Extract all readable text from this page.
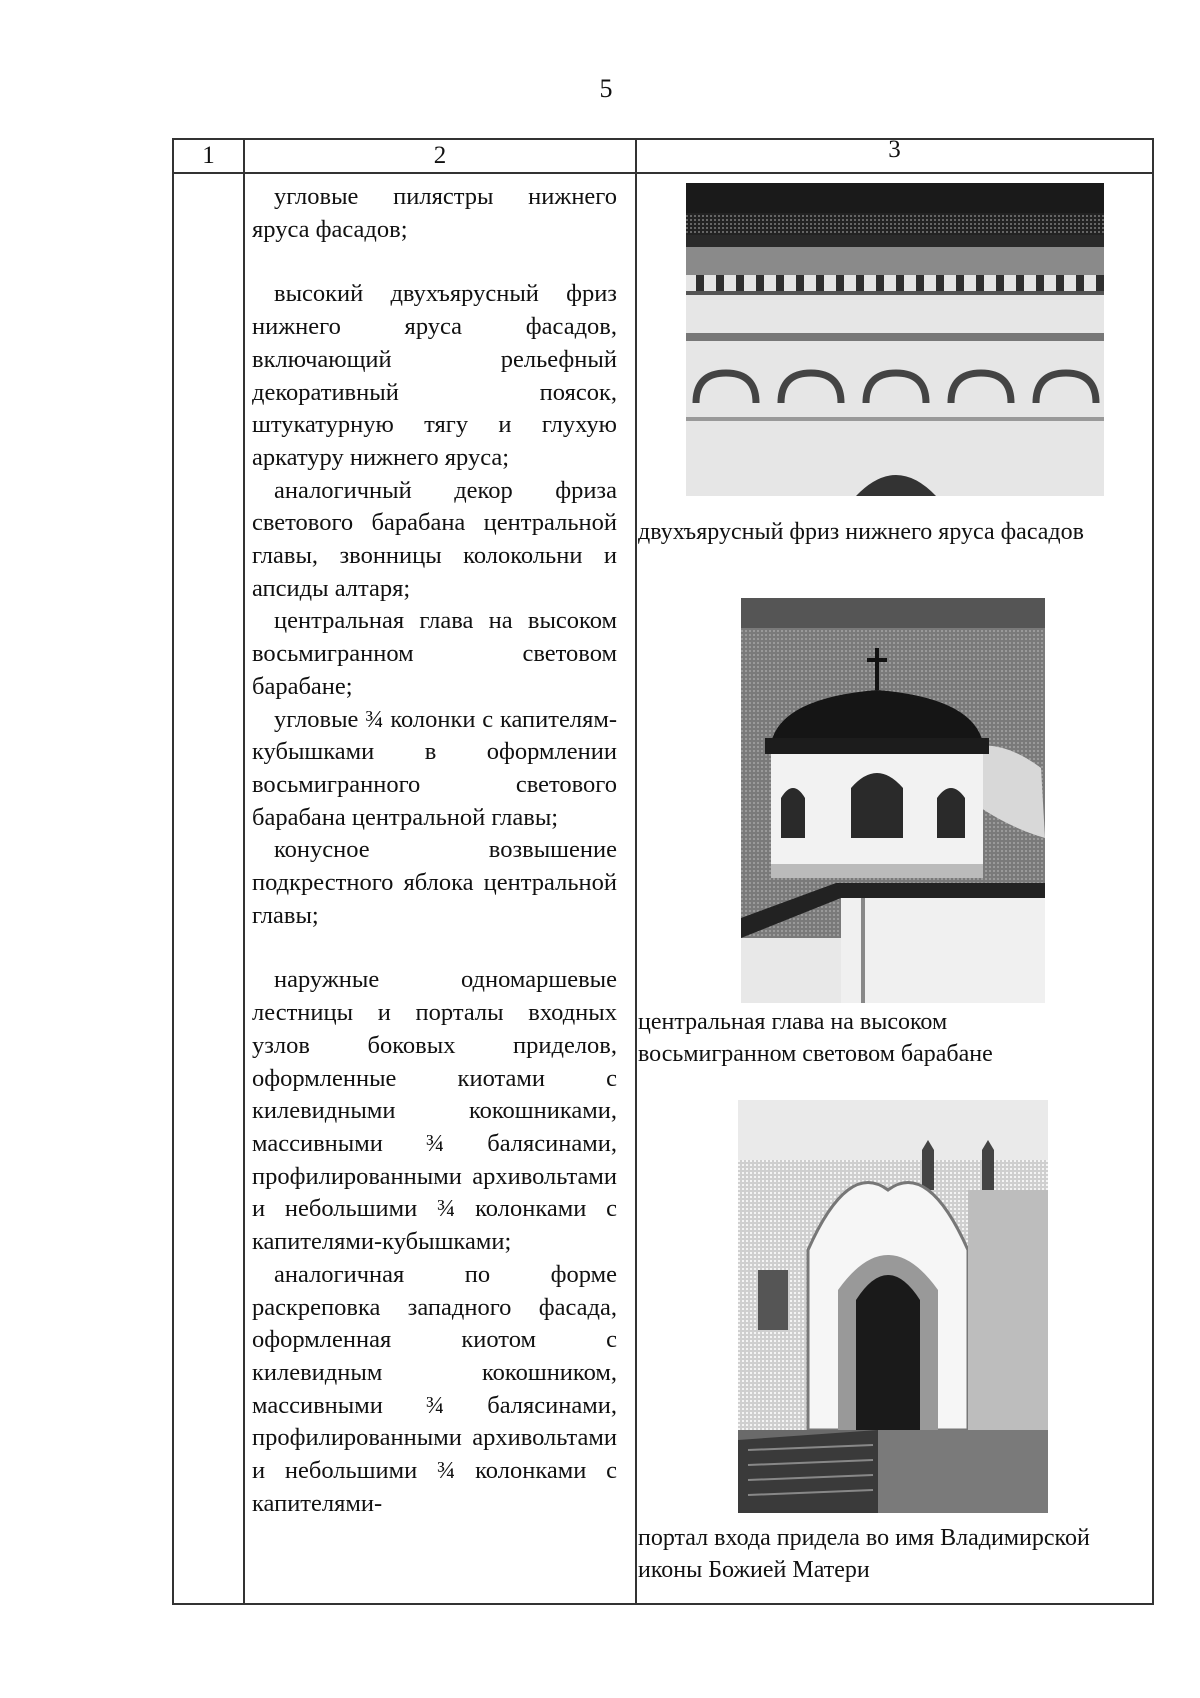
5
1	2	3

угловые пилястры нижнего яруса фасадов;

высокий двухъярусный фриз нижнего яруса фасадов, включающий рельефный декоративный поясок, штукатурную тягу и глухую аркатуру нижнего яруса;

аналогичный декор фриза светового барабана центральной главы, звонницы колокольни и апсиды алтаря;

центральная глава на высоком восьмигранном световом барабане;

угловые ¾ колонки с капителям-кубышками в оформлении восьмигранного светового барабана центральной главы;

конусное возвышение подкрестного яблока центральной главы;

наружные одномаршевые лестницы и порталы входных узлов боковых приделов, оформленные киотами с килевидными кокошниками, массивными ¾ балясинами, профилированными архивольтами и небольшими ¾ колонками с капителями-кубышками;

аналогичная по форме раскреповка западного фасада, оформленная киотом с килевидным кокошником, массивными ¾ балясинами, профилированными архивольтами и небольшими ¾ колонками с капителями-

двухъярусный фриз нижнего яруса фасадов
центральная глава на высоком восьмигранном световом барабане
портал входа придела во имя Владимирской иконы Божией Матери
